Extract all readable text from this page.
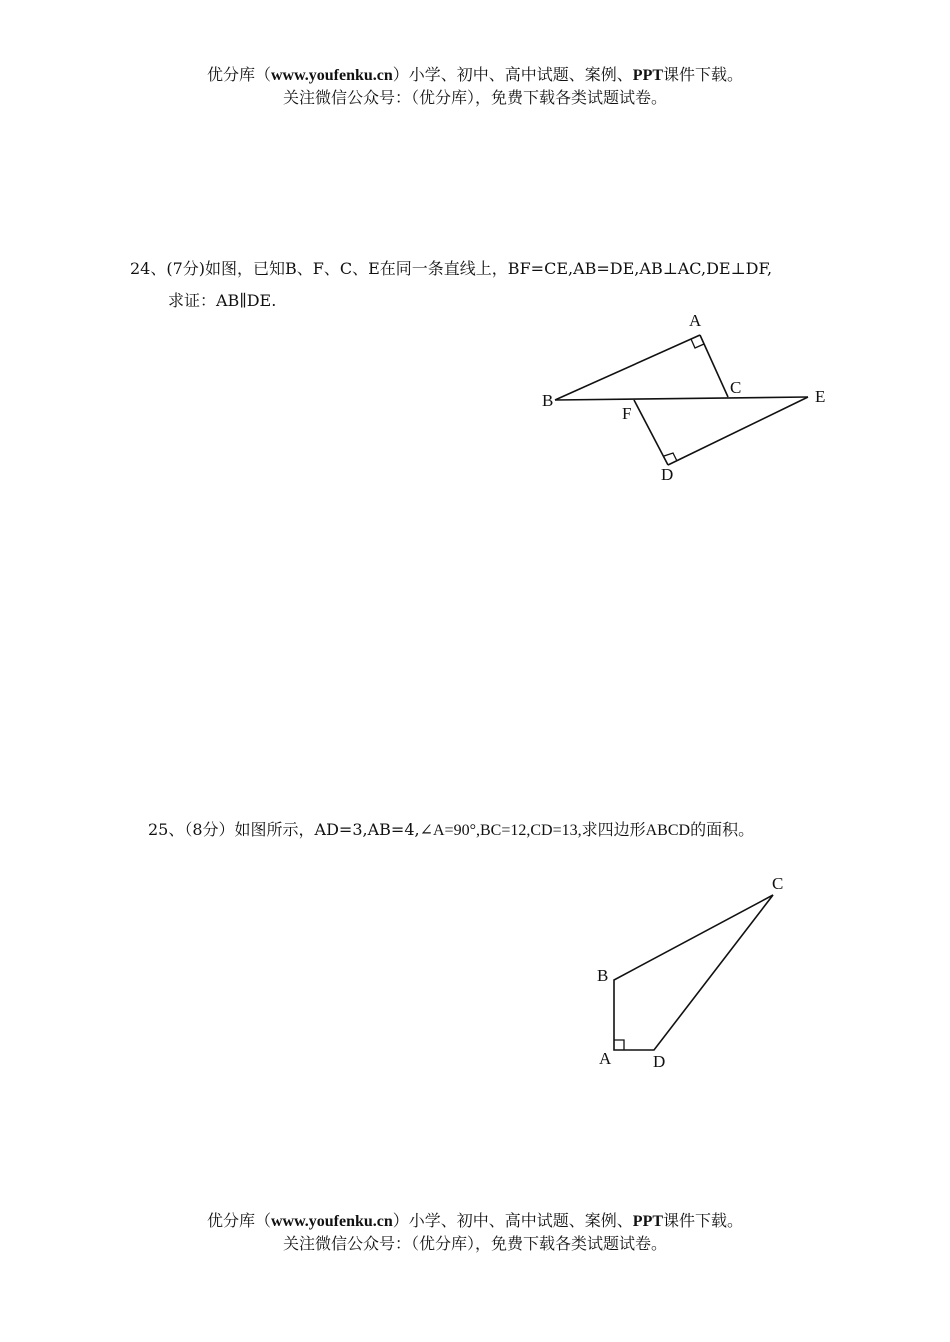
优分库（www.youfenku.cn）小学、初中、高中试题、案例、PPT课件下载。
关注微信公众号：（优分库），免费下载各类试题试卷。
24、(7分)如图，已知B、F、C、E在同一条直线上，BF=CE,AB=DE,AB⊥AC,DE⊥DF,
求证：AB∥DE.
A
B
C	E
F
D
25、（8分）如图所示，AD=3,AB=4,∠A=90°,BC=12,CD=13,求四边形ABCD的面积。
C
B
A D
优分库（www.youfenku.cn）小学、初中、高中试题、案例、PPT课件下载。
关注微信公众号：（优分库），免费下载各类试题试卷。
